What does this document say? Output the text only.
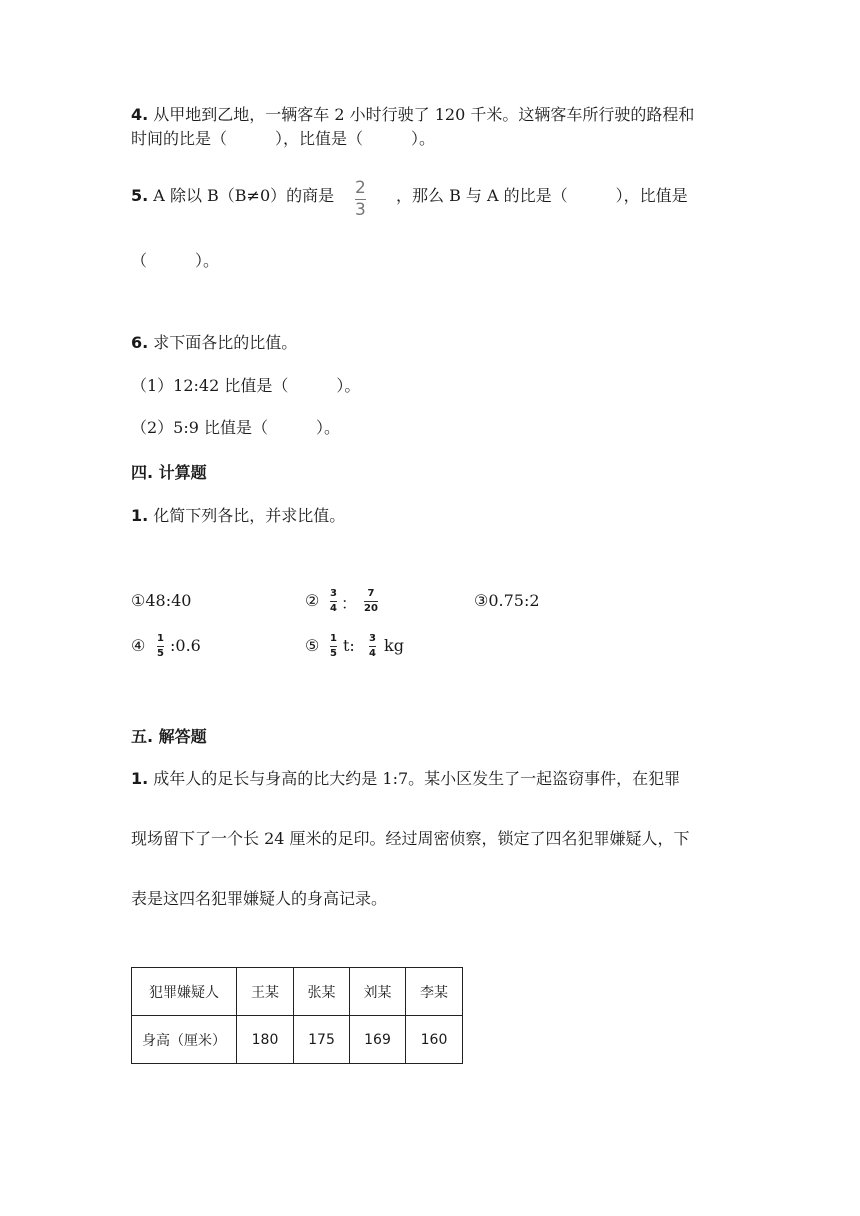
4. 从甲地到乙地，一辆客车 2 小时行驶了 120 千米。这辆客车所行驶的路程和
时间的比是（　　　），比值是（　　　）。
5. A 除以 B（B≠0）的商是 2
3
，那么 B 与 A 的比是（　　　），比值是
（　　　）。
6. 求下面各比的比值。
（1）12:42 比值是（　　　）。
（2）5:9 比值是（　　　）。
四. 计算题
1. 化简下列各比，并求比值。
①48:40	② 3
4 ：
7
20	③0.75:2
④ 1
5 :0.6	⑤ 1
5 t: 3
4 kg
五. 解答题
1. 成年人的足长与身高的比大约是 1:7。某小区发生了一起盗窃事件，在犯罪
现场留下了一个长 24 厘米的足印。经过周密侦察，锁定了四名犯罪嫌疑人，下
表是这四名犯罪嫌疑人的身高记录。
犯罪嫌疑人	王某	张某	刘某	李某
身高（厘米）	180	175	169	160
